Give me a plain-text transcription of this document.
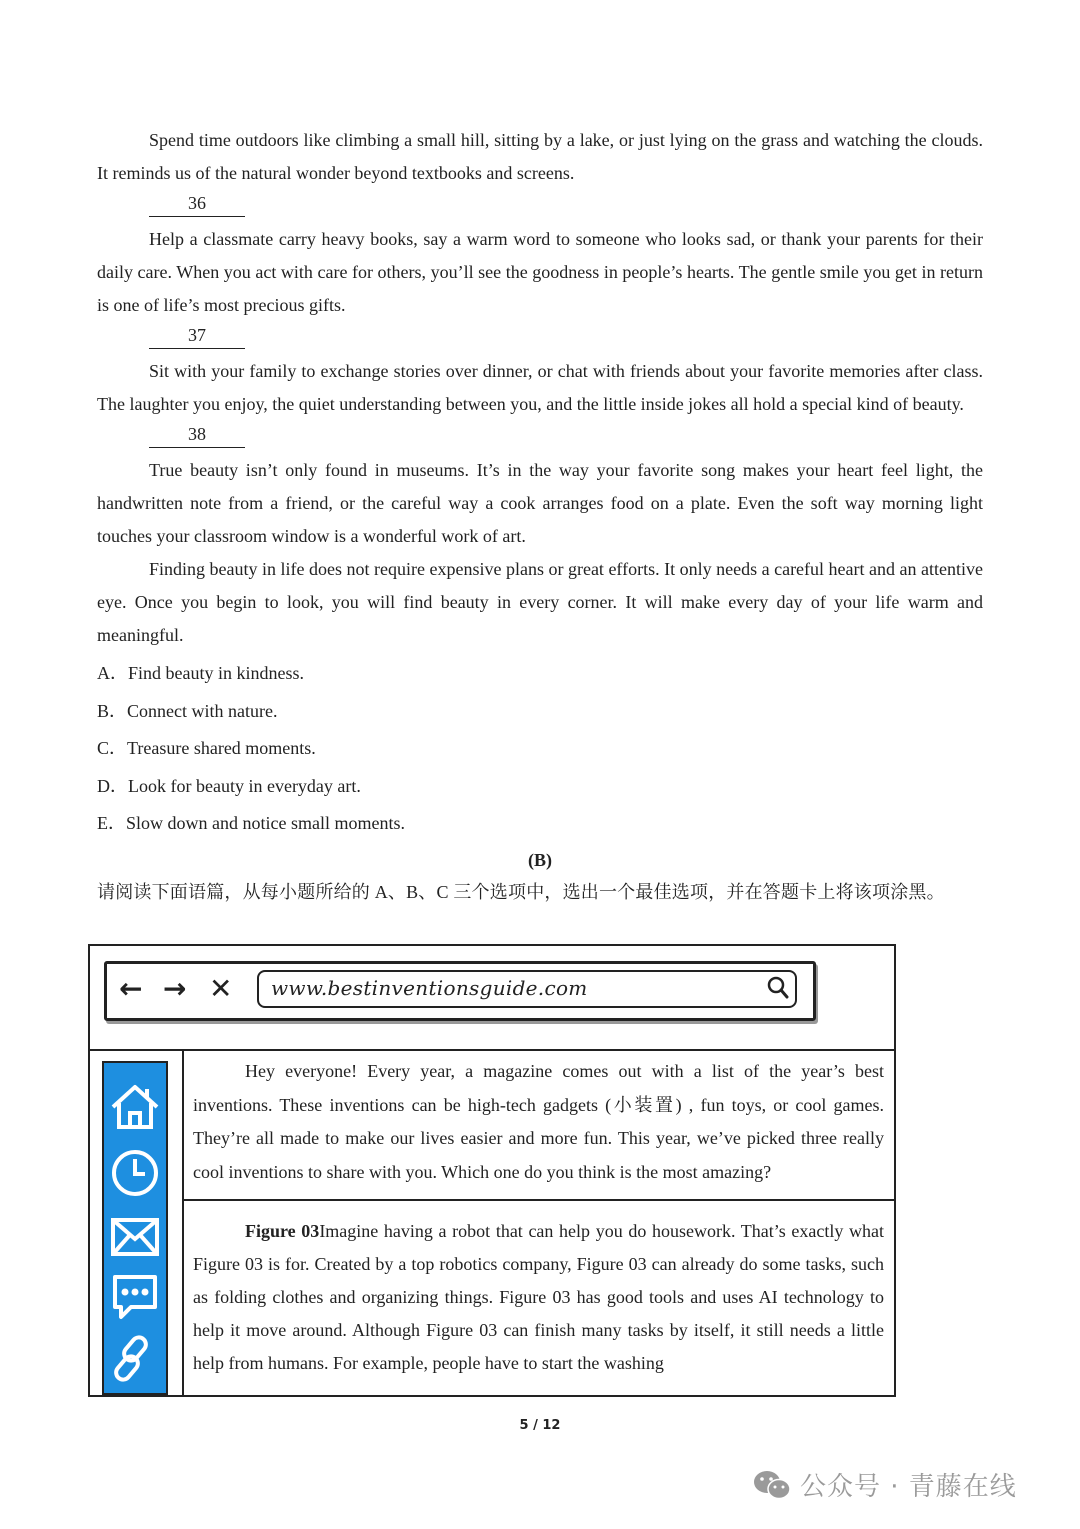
Spend time outdoors like climbing a small hill, sitting by a lake, or just lying on the grass and watching the clouds. It reminds us of the natural wonder beyond textbooks and screens.

36

Help a classmate carry heavy books, say a warm word to someone who looks sad, or thank your parents for their daily care. When you act with care for others, you’ll see the goodness in people’s hearts. The gentle smile you get in return is one of life’s most precious gifts.

37

Sit with your family to exchange stories over dinner, or chat with friends about your favorite memories after class. The laughter you enjoy, the quiet understanding between you, and the little inside jokes all hold a special kind of beauty.

38

True beauty isn’t only found in museums. It’s in the way your favorite song makes your heart feel light, the handwritten note from a friend, or the careful way a cook arranges food on a plate. Even the soft way morning light touches your classroom window is a wonderful work of art.

Finding beauty in life does not require expensive plans or great efforts. It only needs a careful heart and an attentive eye. Once you begin to look, you will find beauty in every corner. It will make every day of your life warm and meaningful.

A．Find beauty in kindness.
B．Connect with nature.
C．Treasure shared moments.
D．Look for beauty in everyday art.
E．Slow down and notice small moments.
(B)
请阅读下面语篇，从每小题所给的 A、B、C 三个选项中，选出一个最佳选项，并在答题卡上将该项涂黑。
← → ✕ www.bestinventionsguide.com

Hey everyone! Every year, a magazine comes out with a list of the year’s best inventions. These inventions can be high-tech gadgets (小装置) , fun toys, or cool games. They’re all made to make our lives easier and more fun. This year, we’ve picked three really cool inventions to share with you. Which one do you think is the most amazing?

Figure 03Imagine having a robot that can help you do housework. That’s exactly what Figure 03 is for. Created by a top robotics company, Figure 03 can already do some tasks, such as folding clothes and organizing things. Figure 03 has good tools and uses AI technology to help it move around. Although Figure 03 can finish many tasks by itself, it still needs a little help from humans. For example, people have to start the washing

5 / 12
公众号 · 青藤在线
